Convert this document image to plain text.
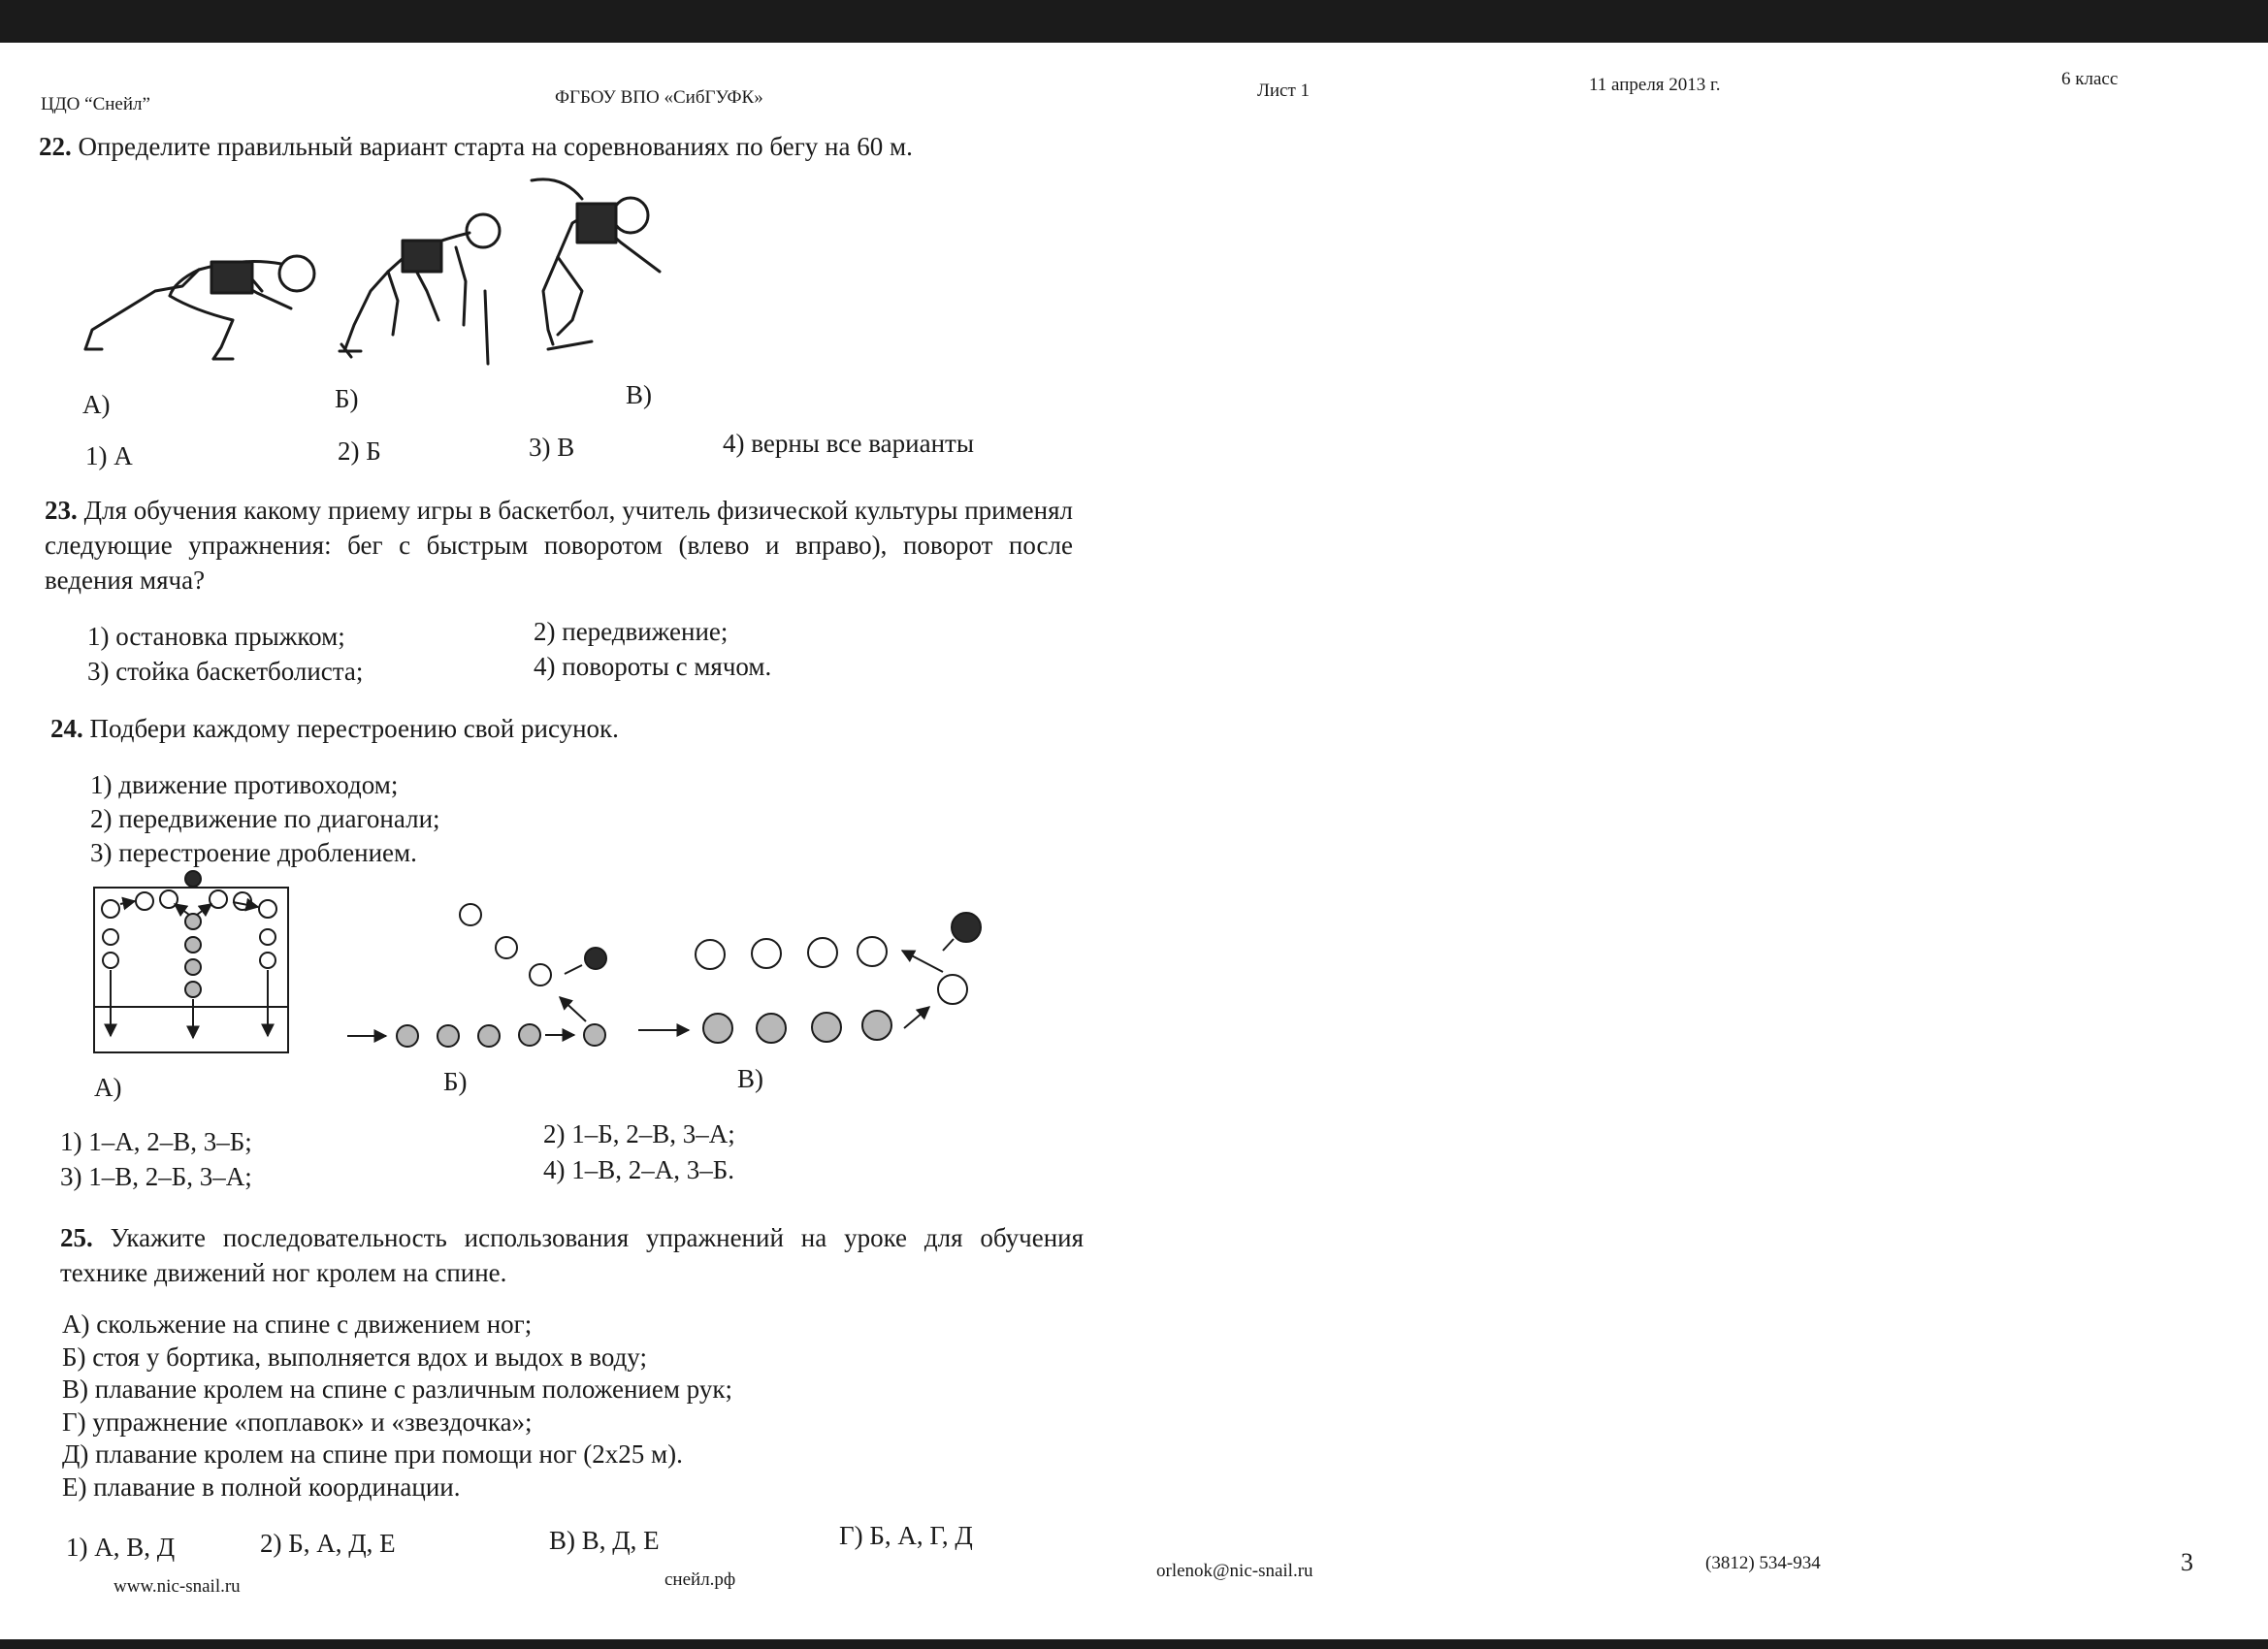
ЦДО “Снейл”	ФГБОУ ВПО «СибГУФК»	Лист 1	11 апреля 2013 г.	6 класс
22. Определите правильный вариант старта на соревнованиях по бегу на 60 м.
А)	Б)	В)
1) А	2) Б	3) В	4) верны все варианты
23. Для обучения какому приему игры в баскетбол, учитель физической культуры применял следующие упражнения: бег с быстрым поворотом (влево и вправо), поворот после ведения мяча?
1) остановка прыжком;	2) передвижение;
3) стойка баскетболиста;	4) повороты с мячом.
24. Подбери каждому перестроению свой рисунок.
1) движение противоходом;
2) передвижение по диагонали;
3) перестроение дроблением.
А)	Б)	В)
1) 1–А, 2–В, 3–Б;	2) 1–Б, 2–В, 3–А;
3) 1–В, 2–Б, 3–А;	4) 1–В, 2–А, 3–Б.
25. Укажите последовательность использования упражнений на уроке для обучения технике движений ног кролем на спине.
А) скольжение на спине с движением ног;
Б) стоя у бортика, выполняется вдох и выдох в воду;
В) плавание кролем на спине с различным положением рук;
Г) упражнение «поплавок» и «звездочка»;
Д) плавание кролем на спине при помощи ног (2х25 м).
Е) плавание в полной координации.
1) А, В, Д	2) Б, А, Д, Е	В) В, Д, Е	Г) Б, А, Г, Д
www.nic-snail.ru	снейл.рф	orlenok@nic-snail.ru	(3812) 534-934	3
